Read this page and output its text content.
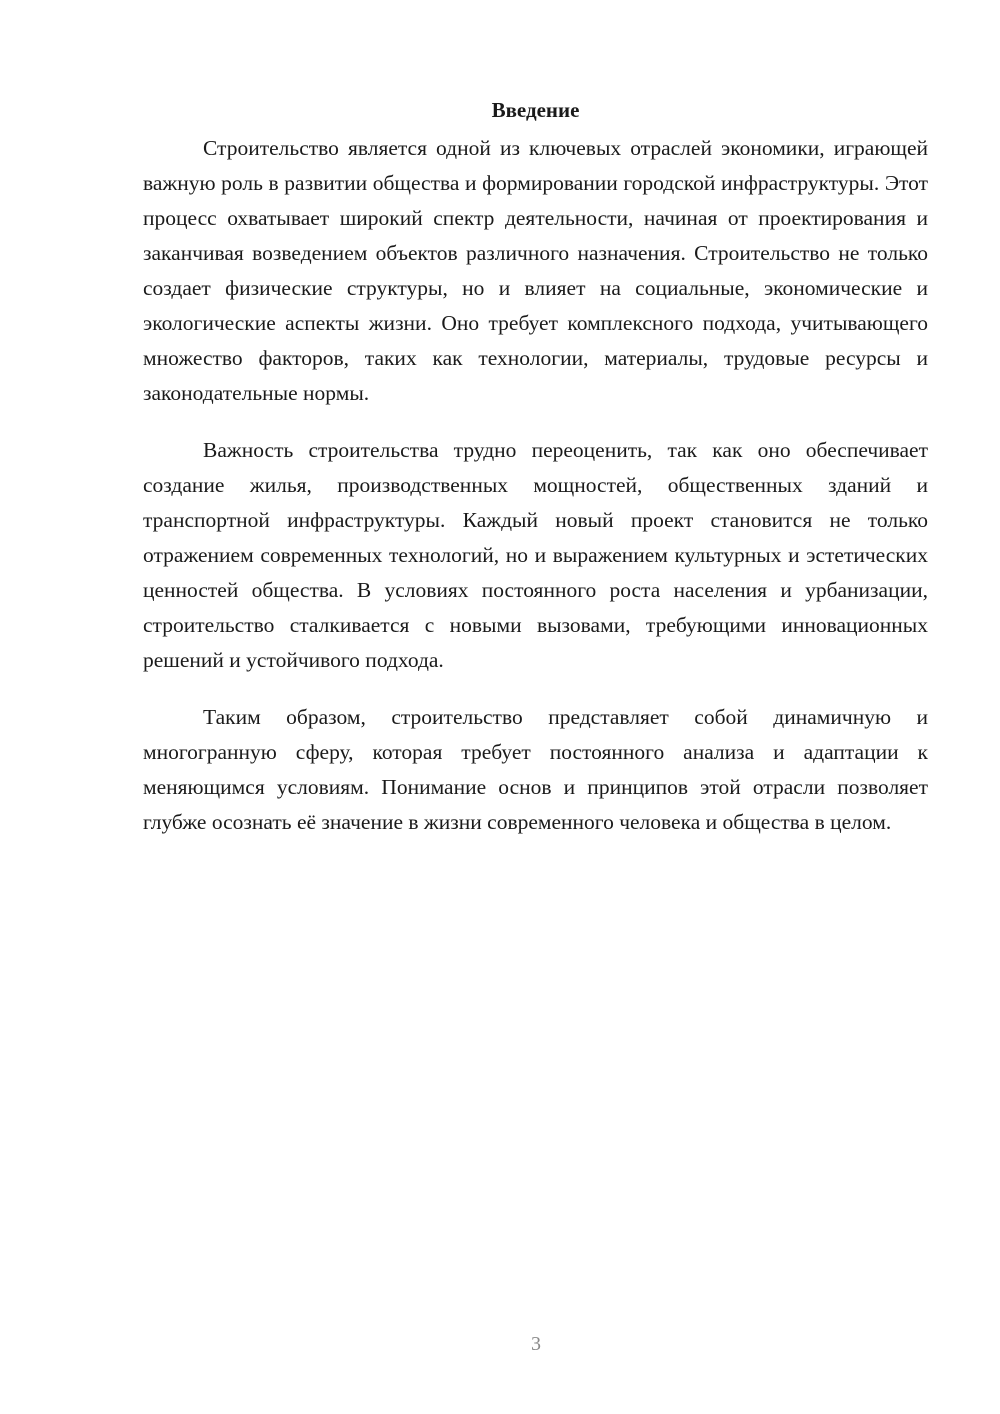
Введение

Строительство является одной из ключевых отраслей экономики, играющей важную роль в развитии общества и формировании городской инфраструктуры. Этот процесс охватывает широкий спектр деятельности, начиная от проектирования и заканчивая возведением объектов различного назначения. Строительство не только создает физические структуры, но и влияет на социальные, экономические и экологические аспекты жизни. Оно требует комплексного подхода, учитывающего множество факторов, таких как технологии, материалы, трудовые ресурсы и законодательные нормы.

Важность строительства трудно переоценить, так как оно обеспечивает создание жилья, производственных мощностей, общественных зданий и транспортной инфраструктуры. Каждый новый проект становится не только отражением современных технологий, но и выражением культурных и эстетических ценностей общества. В условиях постоянного роста населения и урбанизации, строительство сталкивается с новыми вызовами, требующими инновационных решений и устойчивого подхода.

Таким образом, строительство представляет собой динамичную и многогранную сферу, которая требует постоянного анализа и адаптации к меняющимся условиям. Понимание основ и принципов этой отрасли позволяет глубже осознать её значение в жизни современного человека и общества в целом.

3
